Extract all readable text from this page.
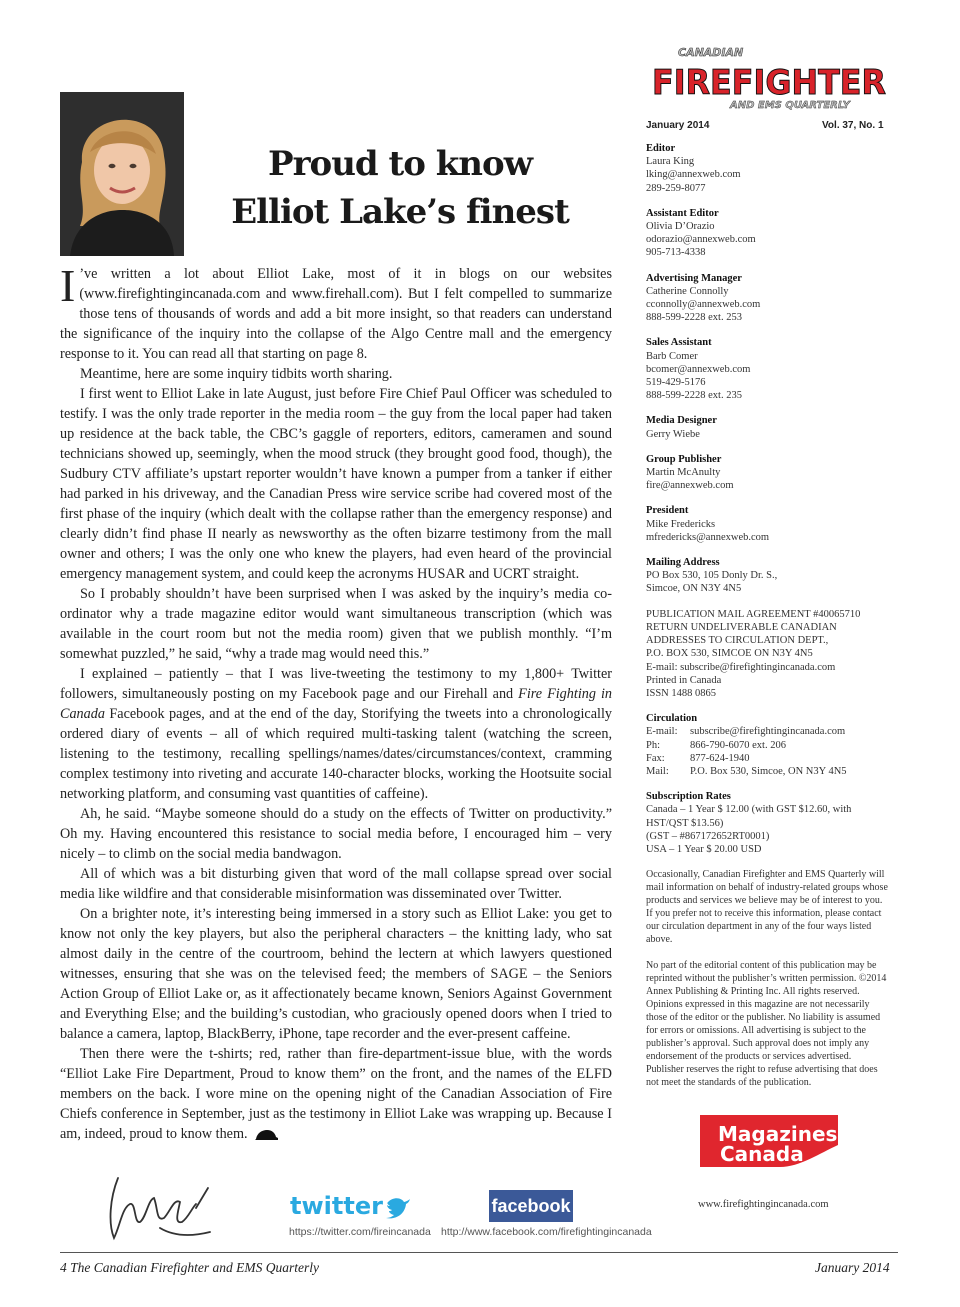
Proud to know
Elliot Lake’s finest

I ’ve written a lot about Elliot Lake, most of it in blogs on our websites (www.firefightingincanada.com and www.firehall.com). But I felt compelled to summarize those tens of thousands of words and add a bit more insight, so that readers can understand the significance of the inquiry into the collapse of the Algo Centre mall and the emergency response to it. You can read all that starting on page 8.

Meantime, here are some inquiry tidbits worth sharing.

I first went to Elliot Lake in late August, just before Fire Chief Paul Officer was scheduled to testify. I was the only trade reporter in the media room – the guy from the local paper had taken up residence at the back table, the CBC’s gaggle of reporters, editors, cameramen and sound technicians showed up, seemingly, when the mood struck (they brought good food, though), the Sudbury CTV affiliate’s upstart reporter wouldn’t have known a pumper from a tanker if either had parked in his driveway, and the Canadian Press wire service scribe had covered most of the first phase of the inquiry (which dealt with the collapse rather than the emergency response) and clearly didn’t find phase II nearly as newsworthy as the often bizarre testimony from the mall owner and others; I was the only one who knew the players, had even heard of the provincial emergency management system, and could keep the acronyms HUSAR and UCRT straight.

So I probably shouldn’t have been surprised when I was asked by the inquiry’s media co-ordinator why a trade magazine editor would want simultaneous transcription (which was available in the court room but not the media room) given that we publish monthly. “I’m somewhat puzzled,” he said, “why a trade mag would need this.”

I explained – patiently – that I was live-tweeting the testimony to my 1,800+ Twitter followers, simultaneously posting on my Facebook page and our Firehall and Fire Fighting in Canada Facebook pages, and at the end of the day, Storifying the tweets into a chronologically ordered diary of events – all of which required multi-tasking talent (watching the screen, listening to the testimony, recalling spellings/names/dates/circumstances/context, cramming complex testimony into riveting and accurate 140-character blocks, working the Hootsuite social networking platform, and consuming vast quantities of caffeine).

Ah, he said. “Maybe someone should do a study on the effects of Twitter on productivity.” Oh my. Having encountered this resistance to social media before, I encouraged him – very nicely – to climb on the social media bandwagon.

All of which was a bit disturbing given that word of the mall collapse spread over social media like wildfire and that considerable misinformation was disseminated over Twitter.

On a brighter note, it’s interesting being immersed in a story such as Elliot Lake: you get to know not only the key players, but also the peripheral characters – the knitting lady, who sat almost daily in the centre of the courtroom, behind the lectern at which lawyers questioned witnesses, ensuring that she was on the televised feed; the members of SAGE – the Seniors Action Group of Elliot Lake or, as it affectionately became known, Seniors Against Government and Everything Else; and the building’s custodian, who graciously opened doors when I tried to balance a camera, laptop, BlackBerry, iPhone, tape recorder and the ever-present caffeine.

Then there were the t-shirts; red, rather than fire-department-issue blue, with the words “Elliot Lake Fire Department, Proud to know them” on the front, and the names of the ELFD members on the back. I wore mine on the opening night of the Canadian Association of Fire Chiefs conference in September, just as the testimony in Elliot Lake was wrapping up. Because I am, indeed, proud to know them.

twitter
https://twitter.com/fireincanada
facebook
http://www.facebook.com/firefightingincanada
CANADIAN
FIREFIGHTER
AND EMS QUARTERLY
January 2014	Vol. 37, No. 1
Editor
Laura King
lking@annexweb.com
289-259-8077
Assistant Editor
Olivia D’Orazio
odorazio@annexweb.com
905-713-4338
Advertising Manager
Catherine Connolly
cconnolly@annexweb.com
888-599-2228 ext. 253
Sales Assistant
Barb Comer
bcomer@annexweb.com
519-429-5176
888-599-2228 ext. 235
Media Designer
Gerry Wiebe
Group Publisher
Martin McAnulty
fire@annexweb.com
President
Mike Fredericks
mfredericks@annexweb.com
Mailing Address
PO Box 530, 105 Donly Dr. S.,
Simcoe, ON N3Y 4N5
PUBLICATION MAIL AGREEMENT #40065710
RETURN UNDELIVERABLE CANADIAN
ADDRESSES TO CIRCULATION DEPT.,
P.O. BOX 530, SIMCOE ON N3Y 4N5
E-mail: subscribe@firefightingincanada.com
Printed in Canada
ISSN 1488 0865
Circulation
E-mail:	subscribe@firefightingincanada.com
Ph:	866-790-6070 ext. 206
Fax:	877-624-1940
Mail:	P.O. Box 530, Simcoe, ON N3Y 4N5
Subscription Rates
Canada – 1 Year $ 12.00 (with GST $12.60, with
HST/QST $13.56)
(GST – #867172652RT0001)
USA – 1 Year $ 20.00 USD
Occasionally, Canadian Firefighter and EMS Quarterly will mail information on behalf of industry-related groups whose products and services we believe may be of interest to you. If you prefer not to receive this information, please contact our circulation department in any of the four ways listed above.
No part of the editorial content of this publication may be reprinted without the publisher’s written permission. ©2014 Annex Publishing & Printing Inc. All rights reserved. Opinions expressed in this magazine are not necessarily those of the editor or the publisher. No liability is assumed for errors or omissions. All advertising is subject to the publisher’s approval. Such approval does not imply any endorsement of the products or services advertised. Publisher reserves the right to refuse advertising that does not meet the standards of the publication.
Magazines
Canada
www.firefightingincanada.com
4 The Canadian Firefighter and EMS Quarterly	January 2014
